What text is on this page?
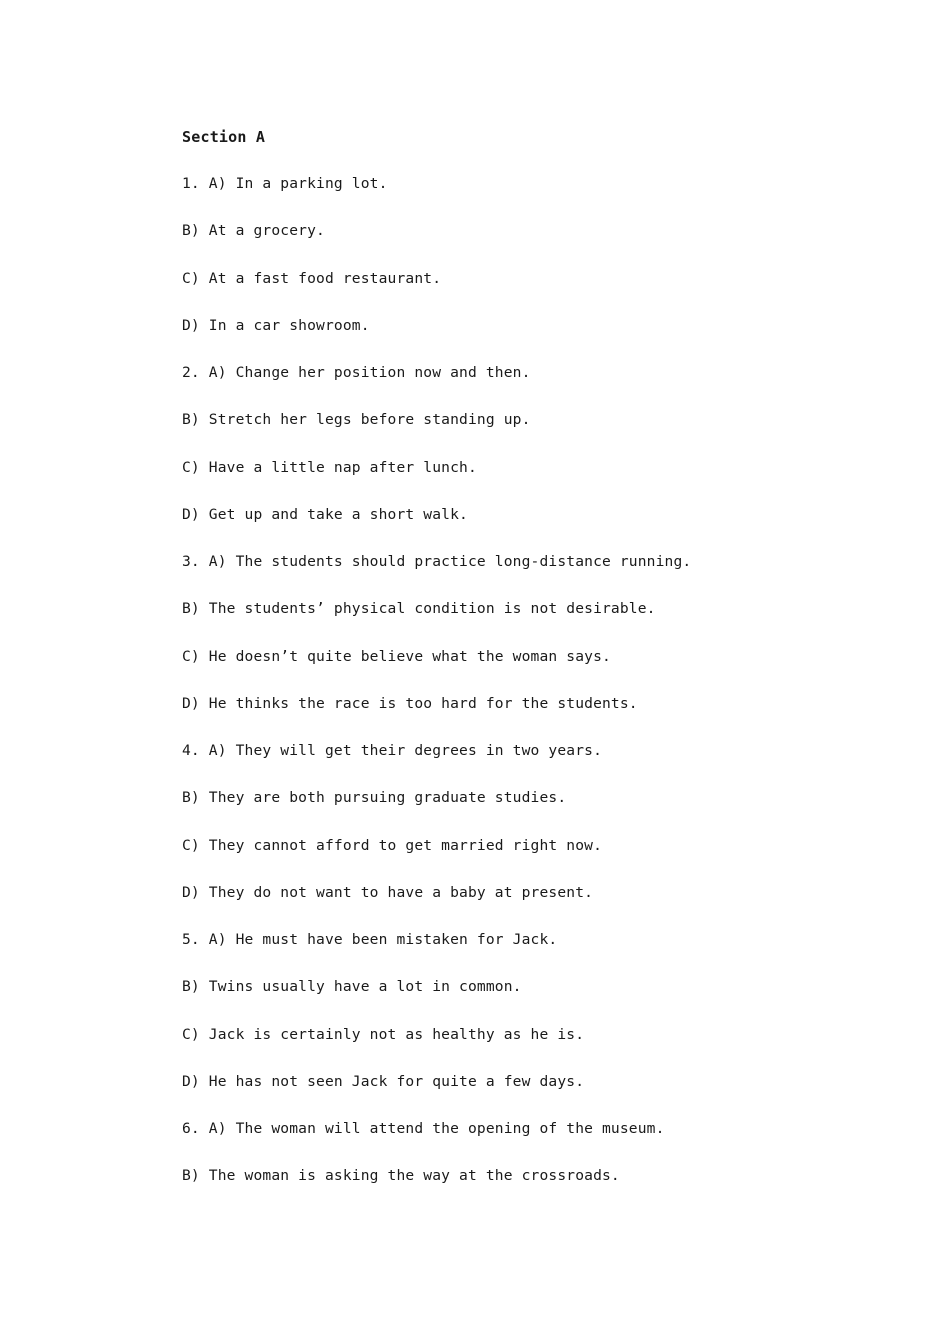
Section A
1. A) In a parking lot.
B) At a grocery.
C) At a fast food restaurant.
D) In a car showroom.
2. A) Change her position now and then.
B) Stretch her legs before standing up.
C) Have a little nap after lunch.
D) Get up and take a short walk.
3. A) The students should practice long-distance running.
B) The students’ physical condition is not desirable.
C) He doesn’t quite believe what the woman says.
D) He thinks the race is too hard for the students.
4. A) They will get their degrees in two years.
B) They are both pursuing graduate studies.
C) They cannot afford to get married right now.
D) They do not want to have a baby at present.
5. A) He must have been mistaken for Jack.
B) Twins usually have a lot in common.
C) Jack is certainly not as healthy as he is.
D) He has not seen Jack for quite a few days.
6. A) The woman will attend the opening of the museum.
B) The woman is asking the way at the crossroads.
